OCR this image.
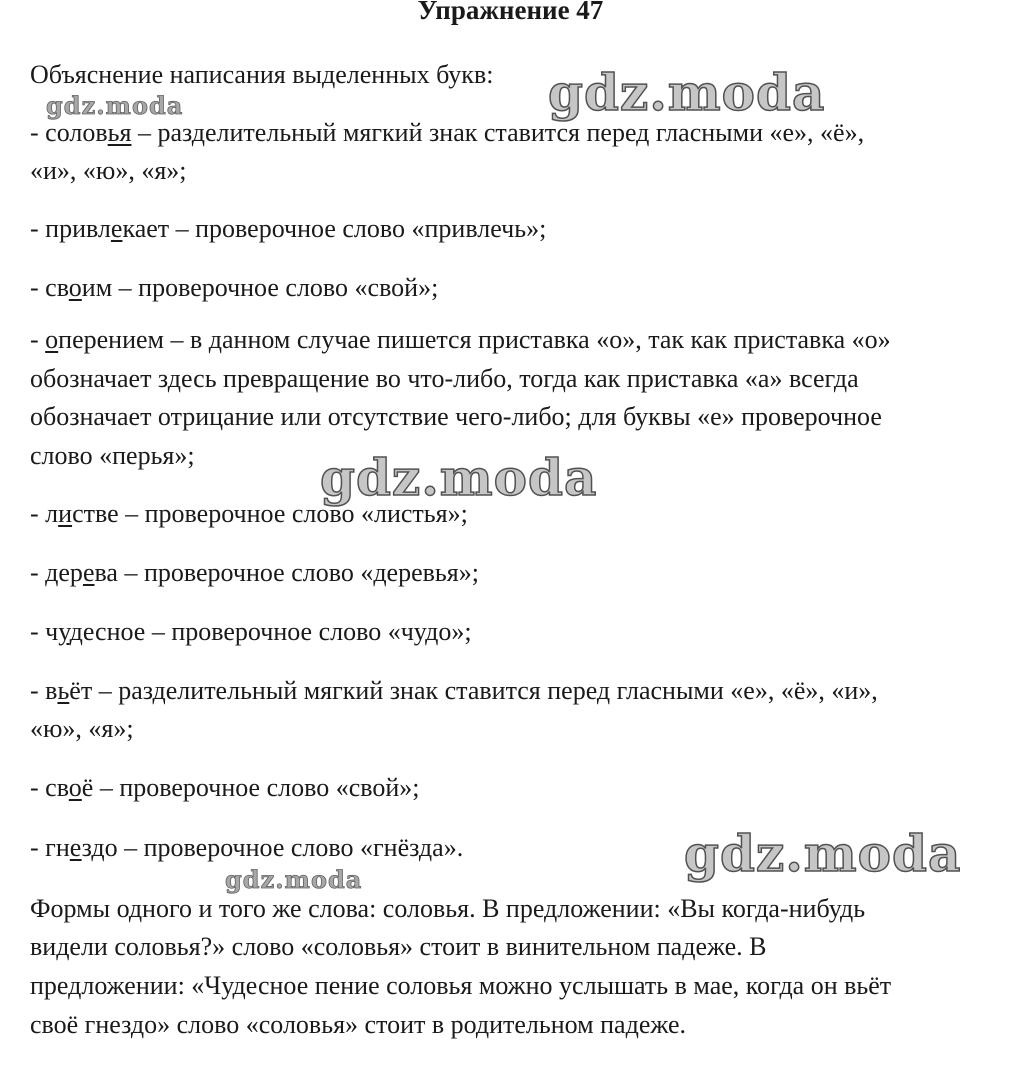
Упражнение 47
Объяснение написания выделенных букв:
- соловья – разделительный мягкий знак ставится перед гласными «е», «ё»,
«и», «ю», «я»;
- привлекает – проверочное слово «привлечь»;
- своим – проверочное слово «свой»;
- оперением – в данном случае пишется приставка «о», так как приставка «о»
обозначает здесь превращение во что-либо, тогда как приставка «а» всегда
обозначает отрицание или отсутствие чего-либо; для буквы «е» проверочное
слово «перья»;
- листве – проверочное слово «листья»;
- дерева – проверочное слово «деревья»;
- чудесное – проверочное слово «чудо»;
- вьёт – разделительный мягкий знак ставится перед гласными «е», «ё», «и»,
«ю», «я»;
- своё – проверочное слово «свой»;
- гнездо – проверочное слово «гнёзда».
Формы одного и того же слова: соловья. В предложении: «Вы когда-нибудь
видели соловья?» слово «соловья» стоит в винительном падеже. В
предложении: «Чудесное пение соловья можно услышать в мае, когда он вьёт
своё гнездо» слово «соловья» стоит в родительном падеже.
gdz.moda
gdz.moda
gdz.moda
gdz.moda
gdz.moda
